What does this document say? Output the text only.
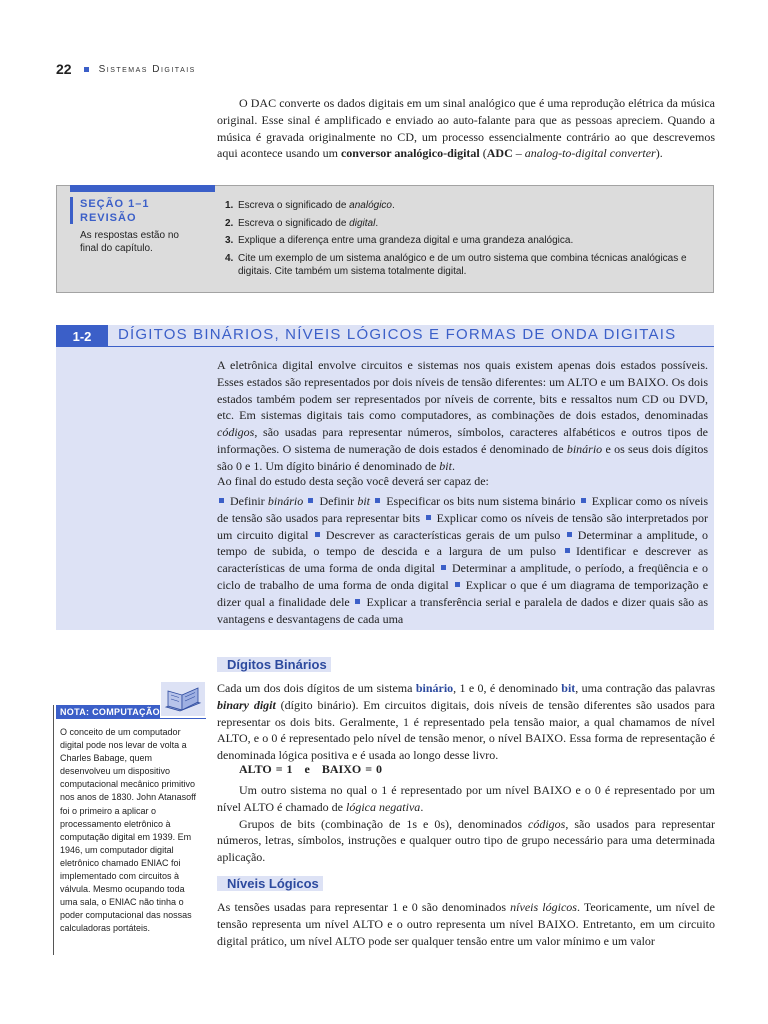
22	Sistemas Digitais

O DAC converte os dados digitais em um sinal analógico que é uma reprodução elétrica da música original. Esse sinal é amplificado e enviado ao auto-falante para que as pessoas apreciem. Quando a música é gravada originalmente no CD, um processo essencialmente contrário ao que descrevemos aqui acontece usando um conversor analógico-digital (ADC – analog-to-digital converter).

SEÇÃO 1–1
REVISÃO
As respostas estão no final do capítulo.
1. Escreva o significado de analógico.
2. Escreva o significado de digital.
3. Explique a diferença entre uma grandeza digital e uma grandeza analógica.
4. Cite um exemplo de um sistema analógico e de um outro sistema que combina técnicas analógicas e digitais. Cite também um sistema totalmente digital.
1-2	DÍGITOS BINÁRIOS, NÍVEIS LÓGICOS E FORMAS DE ONDA DIGITAIS

A eletrônica digital envolve circuitos e sistemas nos quais existem apenas dois estados possíveis. Esses estados são representados por dois níveis de tensão diferentes: um ALTO e um BAIXO. Os dois estados também podem ser representados por níveis de corrente, bits e ressaltos num CD ou DVD, etc. Em sistemas digitais tais como computadores, as combinações de dois estados, denominadas códigos, são usadas para representar números, símbolos, caracteres alfabéticos e outros tipos de informações. O sistema de numeração de dois estados é denominado de binário e os seus dois dígitos são 0 e 1. Um dígito binário é denominado de bit.

Ao final do estudo desta seção você deverá ser capaz de:

Definir binário Definir bit Especificar os bits num sistema binário Explicar como os níveis de tensão são usados para representar bits Explicar como os níveis de tensão são interpretados por um circuito digital Descrever as características gerais de um pulso Determinar a amplitude, o tempo de subida, o tempo de descida e a largura de um pulso Identificar e descrever as características de uma forma de onda digital Determinar a amplitude, o período, a freqüência e o ciclo de trabalho de uma forma de onda digital Explicar o que é um diagrama de temporização e dizer qual a finalidade dele Explicar a transferência serial e paralela de dados e dizer quais são as vantagens e desvantagens de cada uma

NOTA: COMPUTAÇÃO

O conceito de um computador digital pode nos levar de volta a Charles Babage, quem desenvolveu um dispositivo computacional mecânico primitivo nos anos de 1830. John Atanasoff foi o primeiro a aplicar o processamento eletrônico à computação digital em 1939. Em 1946, um computador digital eletrônico chamado ENIAC foi implementado com circuitos à válvula. Mesmo ocupando toda uma sala, o ENIAC não tinha o poder computacional das nossas calculadoras portáteis.

Dígitos Binários

Cada um dos dois dígitos de um sistema binário, 1 e 0, é denominado bit, uma contração das palavras binary digit (dígito binário). Em circuitos digitais, dois níveis de tensão diferentes são usados para representar os dois bits. Geralmente, 1 é representado pela tensão maior, a qual chamamos de nível ALTO, e o 0 é representado pelo nível de tensão menor, o nível BAIXO. Essa forma de representação é denominada lógica positiva e é usada ao longo desse livro.

ALTO = 1   e   BAIXO = 0

Um outro sistema no qual o 1 é representado por um nível BAIXO e o 0 é representado por um nível ALTO é chamado de lógica negativa.

Grupos de bits (combinação de 1s e 0s), denominados códigos, são usados para representar números, letras, símbolos, instruções e qualquer outro tipo de grupo necessário para uma determinada aplicação.

Níveis Lógicos

As tensões usadas para representar 1 e 0 são denominados níveis lógicos. Teoricamente, um nível de tensão representa um nível ALTO e o outro representa um nível BAIXO. Entretanto, em um circuito digital prático, um nível ALTO pode ser qualquer tensão entre um valor mínimo e um valor
